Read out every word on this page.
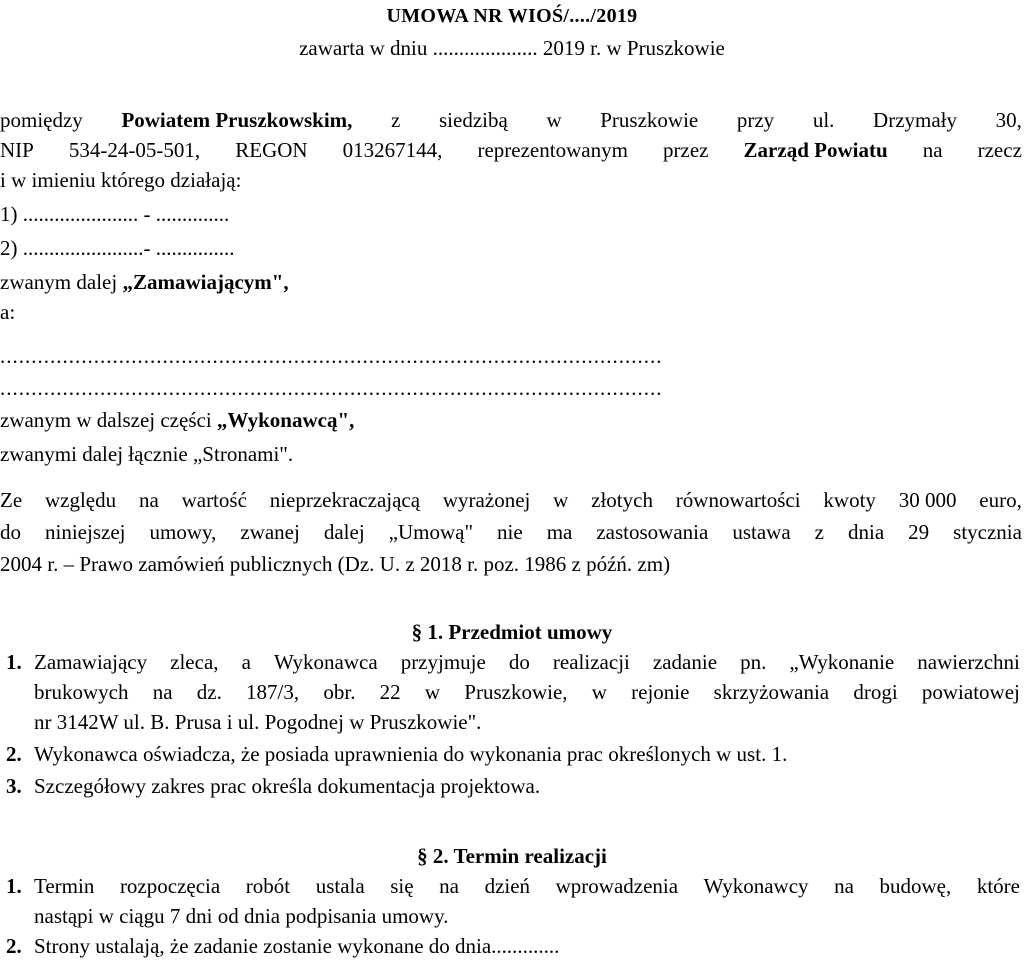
UMOWA NR WIOŚ/..../2019
zawarta w dniu .................... 2019 r. w Pruszkowie
pomiędzy Powiatem Pruszkowskim, z siedzibą w Pruszkowie przy ul. Drzymały 30,
NIP 534-24-05-501, REGON 013267144, reprezentowanym przez Zarząd Powiatu na rzecz
i w imieniu którego działają:
1) ...................... - ..............
2) .......................- ...............
zwanym dalej „Zamawiającym",
a:
..........................................................................................................
..........................................................................................................
zwanym w dalszej części „Wykonawcą",
zwanymi dalej łącznie „Stronami".
Ze względu na wartość nieprzekraczającą wyrażonej w złotych równowartości kwoty 30 000 euro,
do niniejszej umowy, zwanej dalej „Umową" nie ma zastosowania ustawa z dnia 29 stycznia
2004 r. – Prawo zamówień publicznych (Dz. U. z 2018 r. poz. 1986 z późń. zm)
§ 1. Przedmiot umowy
1. Zamawiający zleca, a Wykonawca przyjmuje do realizacji zadanie pn. „Wykonanie nawierzchni
brukowych na dz. 187/3, obr. 22 w Pruszkowie, w rejonie skrzyżowania drogi powiatowej
nr 3142W ul. B. Prusa i ul. Pogodnej w Pruszkowie".
2. Wykonawca oświadcza, że posiada uprawnienia do wykonania prac określonych w ust. 1.
3. Szczegółowy zakres prac określa dokumentacja projektowa.
§ 2. Termin realizacji
1. Termin rozpoczęcia robót ustala się na dzień wprowadzenia Wykonawcy na budowę, które
nastąpi w ciągu 7 dni od dnia podpisania umowy.
2. Strony ustalają, że zadanie zostanie wykonane do dnia.............
